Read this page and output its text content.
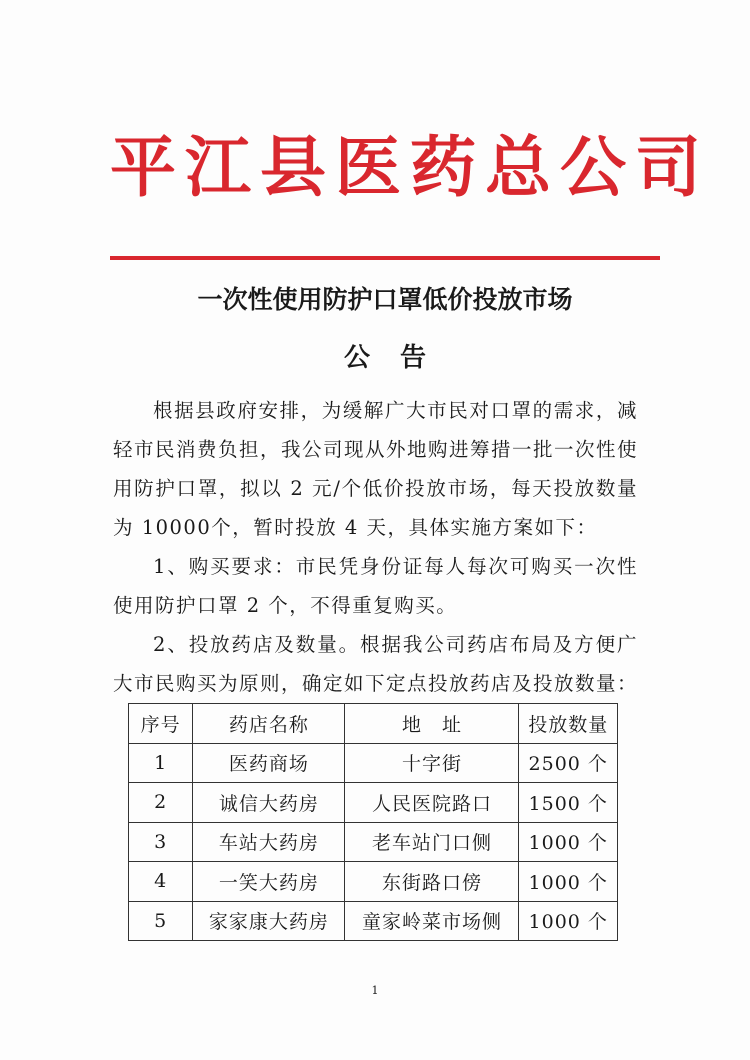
平江县医药总公司
一次性使用防护口罩低价投放市场
公告

根据县政府安排，为缓解广大市民对口罩的需求，减轻市民消费负担，我公司现从外地购进筹措一批一次性使用防护口罩，拟以 2 元/个低价投放市场，每天投放数量为 10000个，暂时投放 4 天，具体实施方案如下：

1、购买要求：市民凭身份证每人每次可购买一次性使用防护口罩 2 个，不得重复购买。

2、投放药店及数量。根据我公司药店布局及方便广大市民购买为原则，确定如下定点投放药店及投放数量：

序号	药店名称	地　址	投放数量
1	医药商场	十字街	2500 个
2	诚信大药房	人民医院路口	1500 个
3	车站大药房	老车站门口侧	1000 个
4	一笑大药房	东街路口傍	1000 个
5	家家康大药房	童家岭菜市场侧	1000 个
1
